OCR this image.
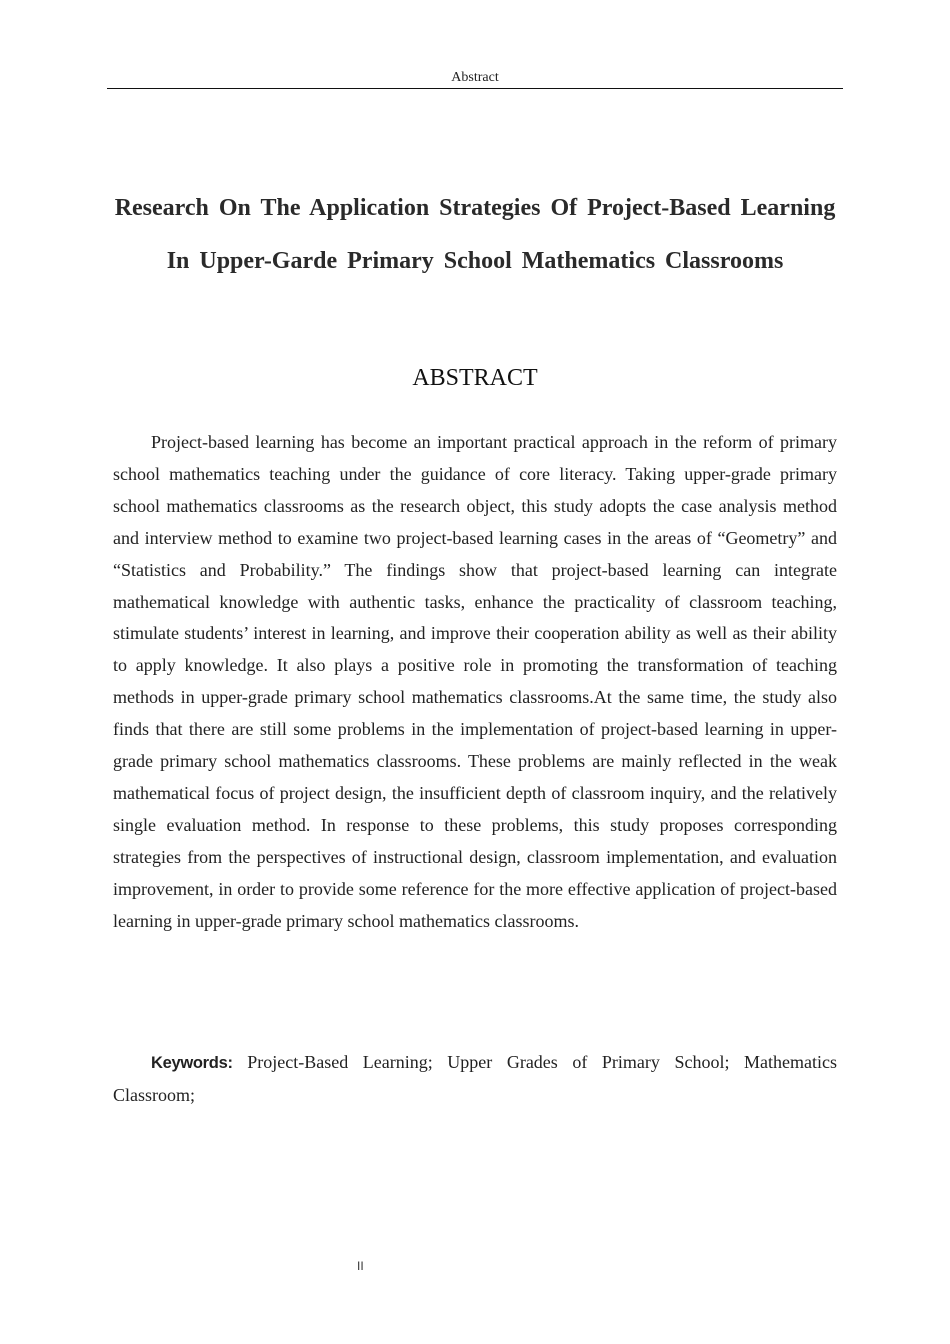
Abstract
Research On The Application Strategies Of Project-Based Learning In Upper-Garde Primary School Mathematics Classrooms
ABSTRACT

Project-based learning has become an important practical approach in the reform of primary school mathematics teaching under the guidance of core literacy. Taking upper-grade primary school mathematics classrooms as the research object, this study adopts the case analysis method and interview method to examine two project-based learning cases in the areas of “Geometry” and “Statistics and Probability.” The findings show that project-based learning can integrate mathematical knowledge with authentic tasks, enhance the practicality of classroom teaching, stimulate students’ interest in learning, and improve their cooperation ability as well as their ability to apply knowledge. It also plays a positive role in promoting the transformation of teaching methods in upper-grade primary school mathematics classrooms.At the same time, the study also finds that there are still some problems in the implementation of project-based learning in upper-grade primary school mathematics classrooms. These problems are mainly reflected in the weak mathematical focus of project design, the insufficient depth of classroom inquiry, and the relatively single evaluation method. In response to these problems, this study proposes corresponding strategies from the perspectives of instructional design, classroom implementation, and evaluation improvement, in order to provide some reference for the more effective application of project-based learning in upper-grade primary school mathematics classrooms.

Keywords: Project-Based Learning; Upper Grades of Primary School; Mathematics Classroom;

II
